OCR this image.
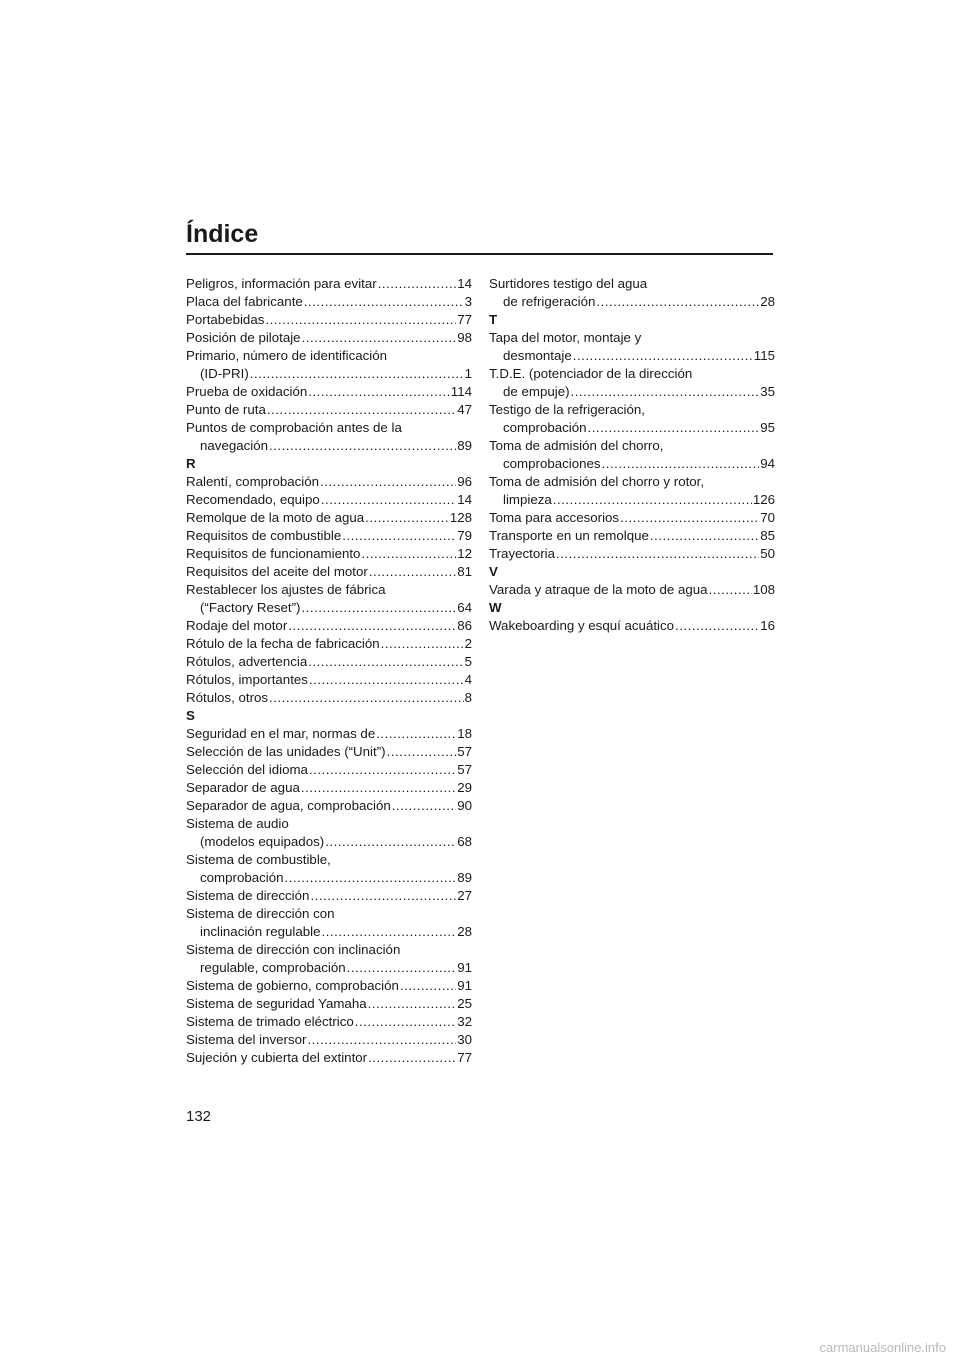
Índice
Peligros, información para evitar .....	14
Placa del fabricante .....	3
Portabebidas .....	77
Posición de pilotaje .....	98
Primario, número de identificación
(ID-PRI) .....	1
Prueba de oxidación .....	114
Punto de ruta .....	47
Puntos de comprobación antes de la
navegación .....	89
R
Ralentí, comprobación .....	96
Recomendado, equipo .....	14
Remolque de la moto de agua .....	128
Requisitos de combustible .....	79
Requisitos de funcionamiento .....	12
Requisitos del aceite del motor .....	81
Restablecer los ajustes de fábrica
(“Factory Reset”) .....	64
Rodaje del motor .....	86
Rótulo de la fecha de fabricación .....	2
Rótulos, advertencia .....	5
Rótulos, importantes .....	4
Rótulos, otros .....	8
S
Seguridad en el mar, normas de .....	18
Selección de las unidades (“Unit”) .....	57
Selección del idioma .....	57
Separador de agua .....	29
Separador de agua, comprobación .....	90
Sistema de audio
(modelos equipados) .....	68
Sistema de combustible,
comprobación .....	89
Sistema de dirección .....	27
Sistema de dirección con
inclinación regulable .....	28
Sistema de dirección con inclinación
regulable, comprobación .....	91
Sistema de gobierno, comprobación .....	91
Sistema de seguridad Yamaha .....	25
Sistema de trimado eléctrico .....	32
Sistema del inversor .....	30
Sujeción y cubierta del extintor .....	77
Surtidores testigo del agua
de refrigeración .....	28
T
Tapa del motor, montaje y
desmontaje .....	115
T.D.E. (potenciador de la dirección
de empuje) .....	35
Testigo de la refrigeración,
comprobación .....	95
Toma de admisión del chorro,
comprobaciones .....	94
Toma de admisión del chorro y rotor,
limpieza .....	126
Toma para accesorios .....	70
Transporte en un remolque .....	85
Trayectoria .....	50
V
Varada y atraque de la moto de agua .....	108
W
Wakeboarding y esquí acuático .....	16
132
carmanualsonline.info
